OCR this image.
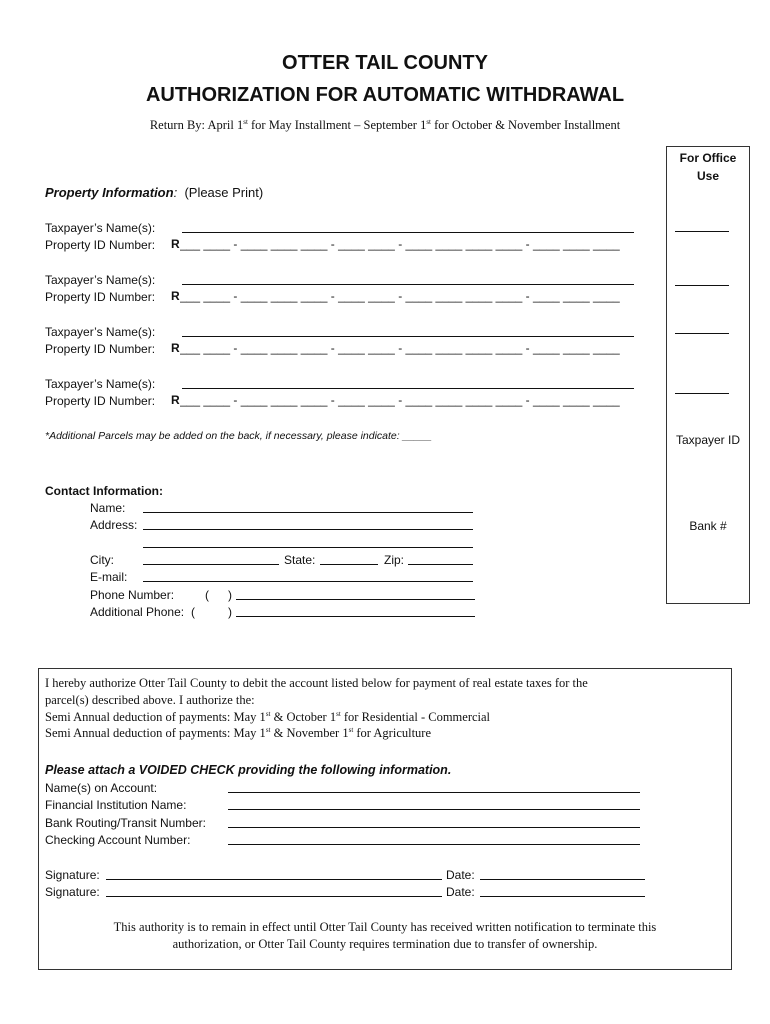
OTTER TAIL COUNTY
AUTHORIZATION FOR AUTOMATIC WITHDRAWAL
Return By: April 1st for May Installment – September 1st for October & November Installment
For Office
Use
Taxpayer ID
Bank #
Property Information: (Please Print)
Taxpayer’s Name(s):
Property ID Number: R ___ ____ - ____ ____ ____ - ____ ____ - ____ ____ ____ ____ - ____ ____ ____
Taxpayer’s Name(s):
Property ID Number: R ___ ____ - ____ ____ ____ - ____ ____ - ____ ____ ____ ____ - ____ ____ ____
Taxpayer’s Name(s):
Property ID Number: R ___ ____ - ____ ____ ____ - ____ ____ - ____ ____ ____ ____ - ____ ____ ____
Taxpayer’s Name(s):
Property ID Number: R ___ ____ - ____ ____ ____ - ____ ____ - ____ ____ ____ ____ - ____ ____ ____
*Additional Parcels may be added on the back, if necessary, please indicate: _____
Contact Information:
Name:
Address:
City:	State:	Zip:
E-mail:
Phone Number:	( )
Additional Phone: (	)
I hereby authorize Otter Tail County to debit the account listed below for payment of real estate taxes for the
parcel(s) described above. I authorize the:
Semi Annual deduction of payments: May 1st & October 1st for Residential - Commercial
Semi Annual deduction of payments: May 1st & November 1st for Agriculture
Please attach a VOIDED CHECK providing the following information.
Name(s) on Account:
Financial Institution Name:
Bank Routing/Transit Number:
Checking Account Number:
Signature:	Date:
Signature:	Date:
This authority is to remain in effect until Otter Tail County has received written notification to terminate this
authorization, or Otter Tail County requires termination due to transfer of ownership.
